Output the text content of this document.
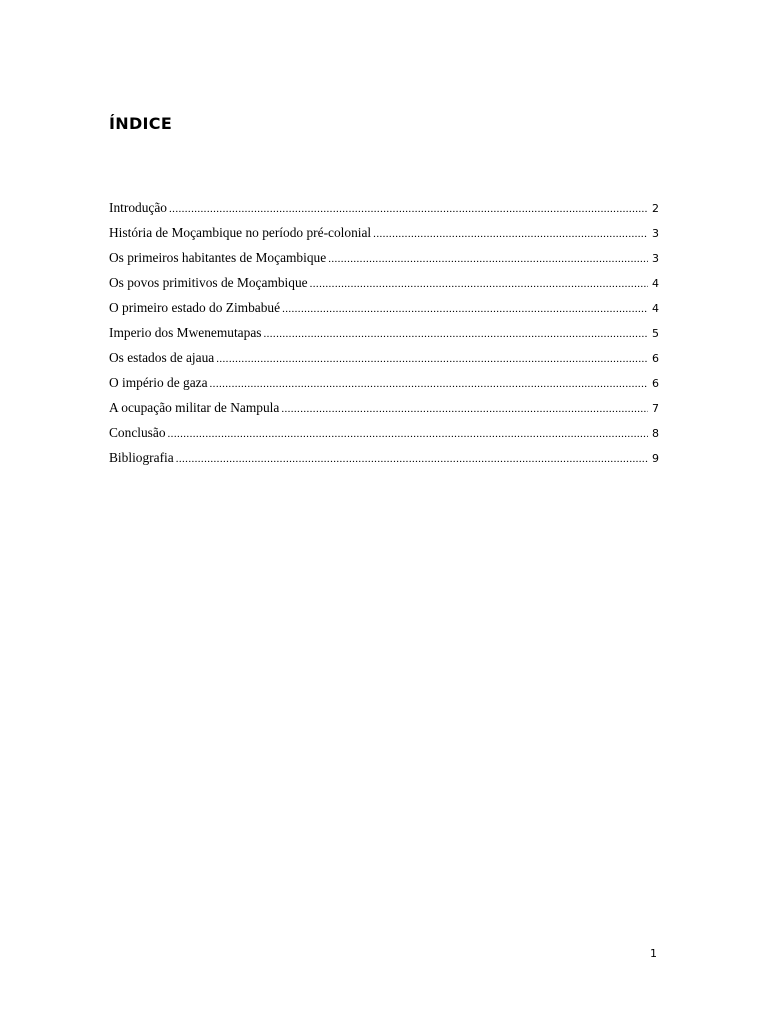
ÍNDICE
Introdução .....	2
História de Moçambique no período pré-colonial .....	3
Os primeiros habitantes de Moçambique .....	3
Os povos primitivos de Moçambique .....	4
O primeiro estado do Zimbabué .....	4
Imperio dos Mwenemutapas .....	5
Os estados de ajaua .....	6
O império de gaza .....	6
A ocupação militar de Nampula .....	7
Conclusão .....	8
Bibliografia .....	9
1
